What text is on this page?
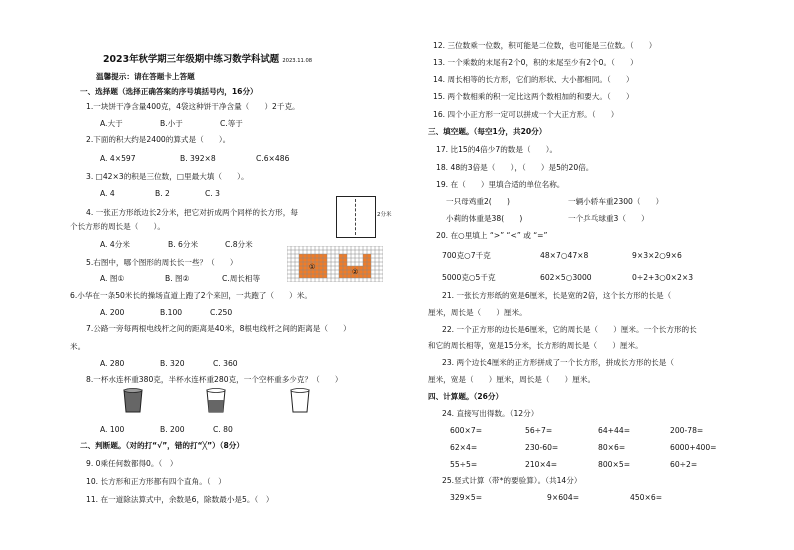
2023年秋学期三年级期中练习数学科试题 2023.11.08
温馨提示：请在答题卡上答题
一、选择题（选择正确答案的序号填括号内，16分）
1.一块饼干净含量400克，4袋这种饼干净含量（　　）2千克。
A.大于	B.小于	C.等于
2.下面的积大约是2400的算式是（　　）。
A. 4×597	B. 392×8	C.6×486
3. □42×3的积是三位数，□里最大填（　　）。
A. 4	B. 2	C. 3
4. 一张正方形纸边长2分米，把它对折成两个同样的长方形，每
个长方形的周长是（　　）。
A. 4分米	B. 6分米	C.8分米
2分米
5.右图中，哪个图形的周长长一些？（　　）
A. 图①	B. 图②	C.周长相等
①
②
6.小华在一条50米长的操场直道上跑了2个来回，一共跑了（　　）米。
A. 200	B.100	C.250
7.公路一旁每两根电线杆之间的距离是40米，8根电线杆之间的距离是（　　）
米。
A. 280	B. 320	C. 360
8.一杯水连杯重380克，半杯水连杯重280克，一个空杯重多少克？（　　）
A. 100	B. 200	C. 80
二、判断题。（对的打“√”，错的打“╳”）（8分）
9. 0乘任何数都得0。（　）
10. 长方形和正方形都有四个直角。（　）
11. 在一道除法算式中，余数是6，除数最小是5。（　）
12. 三位数乘一位数，积可能是二位数，也可能是三位数。（　　）
13. 一个乘数的末尾有2个0，积的末尾至少有2个0。（　　）
14. 周长相等的长方形，它们的形状、大小都相同。（　　）
15. 两个数相乘的积一定比这两个数相加的和要大。（　　）
16. 四个小正方形一定可以拼成一个大正方形。（　　）
三、填空题。（每空1分，共20分）
17. 比15的4倍少7的数是（　　）。
18. 48的3倍是（　　），（　　）是5的20倍。
19. 在（　　）里填合适的单位名称。
一只母鸡重2(　　)	一辆小轿车重2300（　　）
小莉的体重是38(　　)	一个乒乓球重3（　　）
20. 在○里填上 “>” “<” 或 “=”
700克○7千克	48×7○47×8	9×3×2○9×6
5000克○5千克	602×5○3000	0÷2+3○0×2×3
21. 一张长方形纸的宽是6厘米，长是宽的2倍，这个长方形的长是（
厘米，周长是（　　）厘米。
22. 一个正方形的边长是6厘米，它的周长是（　　）厘米。一个长方形的长
和它的周长相等，宽是15分米，长方形的周长是（　　）厘米。
23. 两个边长4厘米的正方形拼成了一个长方形，拼成长方形的长是（
厘米，宽是（　　）厘米，周长是（　　）厘米。
四、计算题。（26分）
24. 直接写出得数。（12分）
600×7=	56÷7=	64+44=	200-78=
62×4=	230-60=	80×6=	6000+400=
55÷5=	210×4=	800×5=	60÷2=
25.竖式计算（带*的要验算）。（共14分）
329×5=	9×604=	450×6=
